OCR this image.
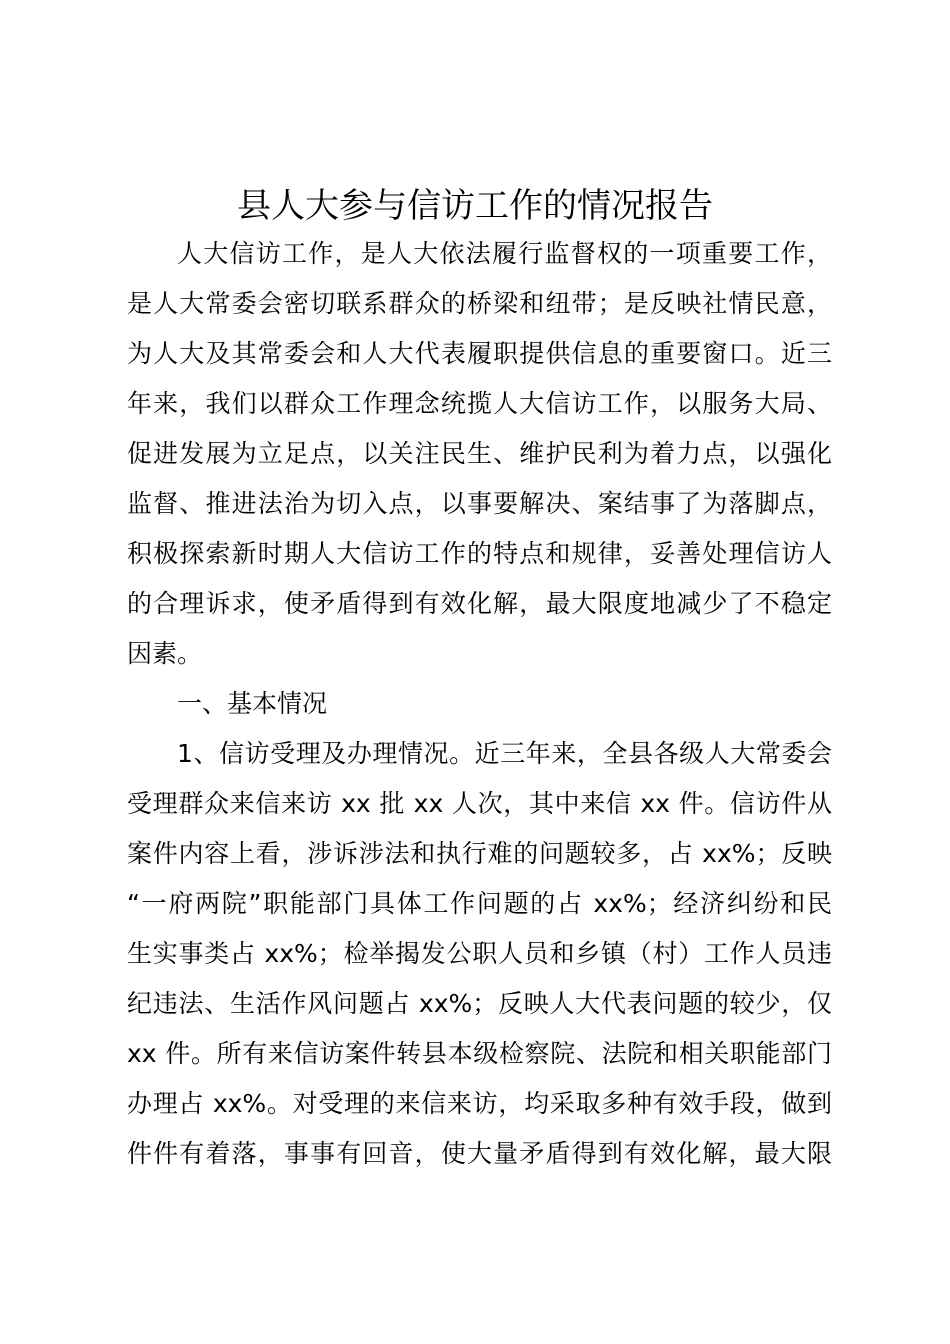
县人大参与信访工作的情况报告
人大信访工作，是人大依法履行监督权的一项重要工作，
是人大常委会密切联系群众的桥梁和纽带；是反映社情民意，
为人大及其常委会和人大代表履职提供信息的重要窗口。近三
年来，我们以群众工作理念统揽人大信访工作，以服务大局、
促进发展为立足点，以关注民生、维护民利为着力点，以强化
监督、推进法治为切入点，以事要解决、案结事了为落脚点，
积极探索新时期人大信访工作的特点和规律，妥善处理信访人
的合理诉求，使矛盾得到有效化解，最大限度地减少了不稳定
因素。
一、基本情况
1、信访受理及办理情况。近三年来，全县各级人大常委会
受理群众来信来访 xx 批 xx 人次，其中来信 xx 件。信访件从
案件内容上看，涉诉涉法和执行难的问题较多，占 xx%；反映
“一府两院”职能部门具体工作问题的占 xx%；经济纠纷和民
生实事类占 xx%；检举揭发公职人员和乡镇（村）工作人员违
纪违法、生活作风问题占 xx%；反映人大代表问题的较少，仅
xx 件。所有来信访案件转县本级检察院、法院和相关职能部门
办理占 xx%。对受理的来信来访，均采取多种有效手段，做到
件件有着落，事事有回音，使大量矛盾得到有效化解，最大限
